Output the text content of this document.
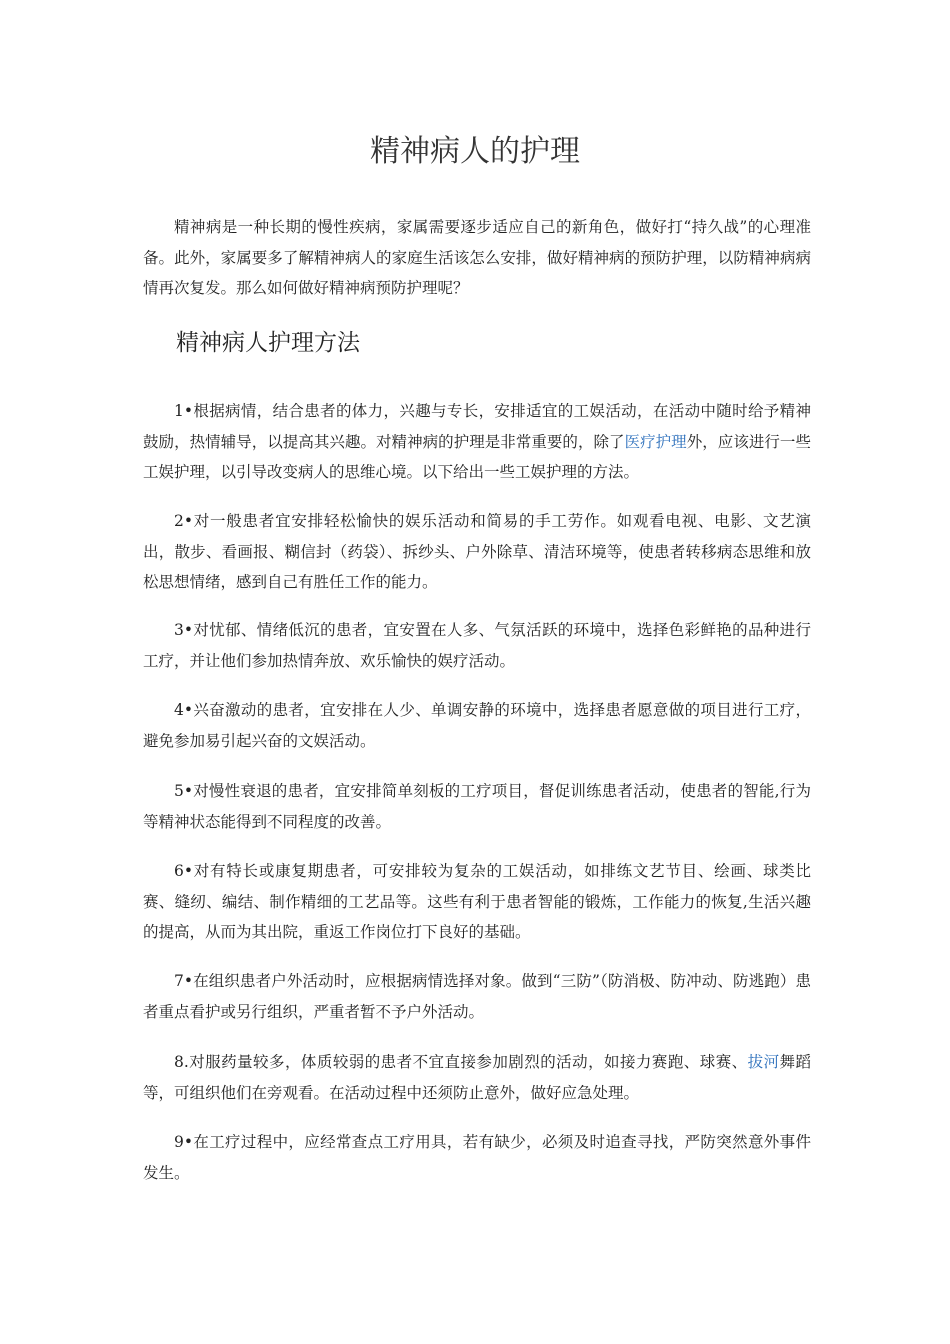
精神病人的护理

精神病是一种长期的慢性疾病，家属需要逐步适应自己的新角色，做好打“持久战”的心理准备。此外，家属要多了解精神病人的家庭生活该怎么安排，做好精神病的预防护理，以防精神病病情再次复发。那么如何做好精神病预防护理呢？

精神病人护理方法

1•根据病情，结合患者的体力，兴趣与专长，安排适宜的工娱活动，在活动中随时给予精神鼓励，热情辅导，以提高其兴趣。对精神病的护理是非常重要的，除了医疗护理外，应该进行一些工娱护理，以引导改变病人的思维心境。以下给出一些工娱护理的方法。

2•对一般患者宜安排轻松愉快的娱乐活动和简易的手工劳作。如观看电视、电影、文艺演出，散步、看画报、糊信封（药袋）、拆纱头、户外除草、清洁环境等，使患者转移病态思维和放松思想情绪，感到自己有胜任工作的能力。

3•对忧郁、情绪低沉的患者，宜安置在人多、气氛活跃的环境中，选择色彩鲜艳的品种进行工疗，并让他们参加热情奔放、欢乐愉快的娱疗活动。

4•兴奋激动的患者，宜安排在人少、单调安静的环境中，选择患者愿意做的项目进行工疗，避免参加易引起兴奋的文娱活动。

5•对慢性衰退的患者，宜安排简单刻板的工疗项目，督促训练患者活动，使患者的智能,行为等精神状态能得到不同程度的改善。

6•对有特长或康复期患者，可安排较为复杂的工娱活动，如排练文艺节目、绘画、球类比赛、缝纫、编结、制作精细的工艺品等。这些有利于患者智能的锻炼，工作能力的恢复,生活兴趣的提高，从而为其出院，重返工作岗位打下良好的基础。

7•在组织患者户外活动时，应根据病情选择对象。做到“三防”（防消极、防冲动、防逃跑）患者重点看护或另行组织，严重者暂不予户外活动。

8.对服药量较多，体质较弱的患者不宜直接参加剧烈的活动，如接力赛跑、球赛、拔河舞蹈等，可组织他们在旁观看。在活动过程中还须防止意外，做好应急处理。

9•在工疗过程中，应经常查点工疗用具，若有缺少，必须及时追查寻找，严防突然意外事件发生。
